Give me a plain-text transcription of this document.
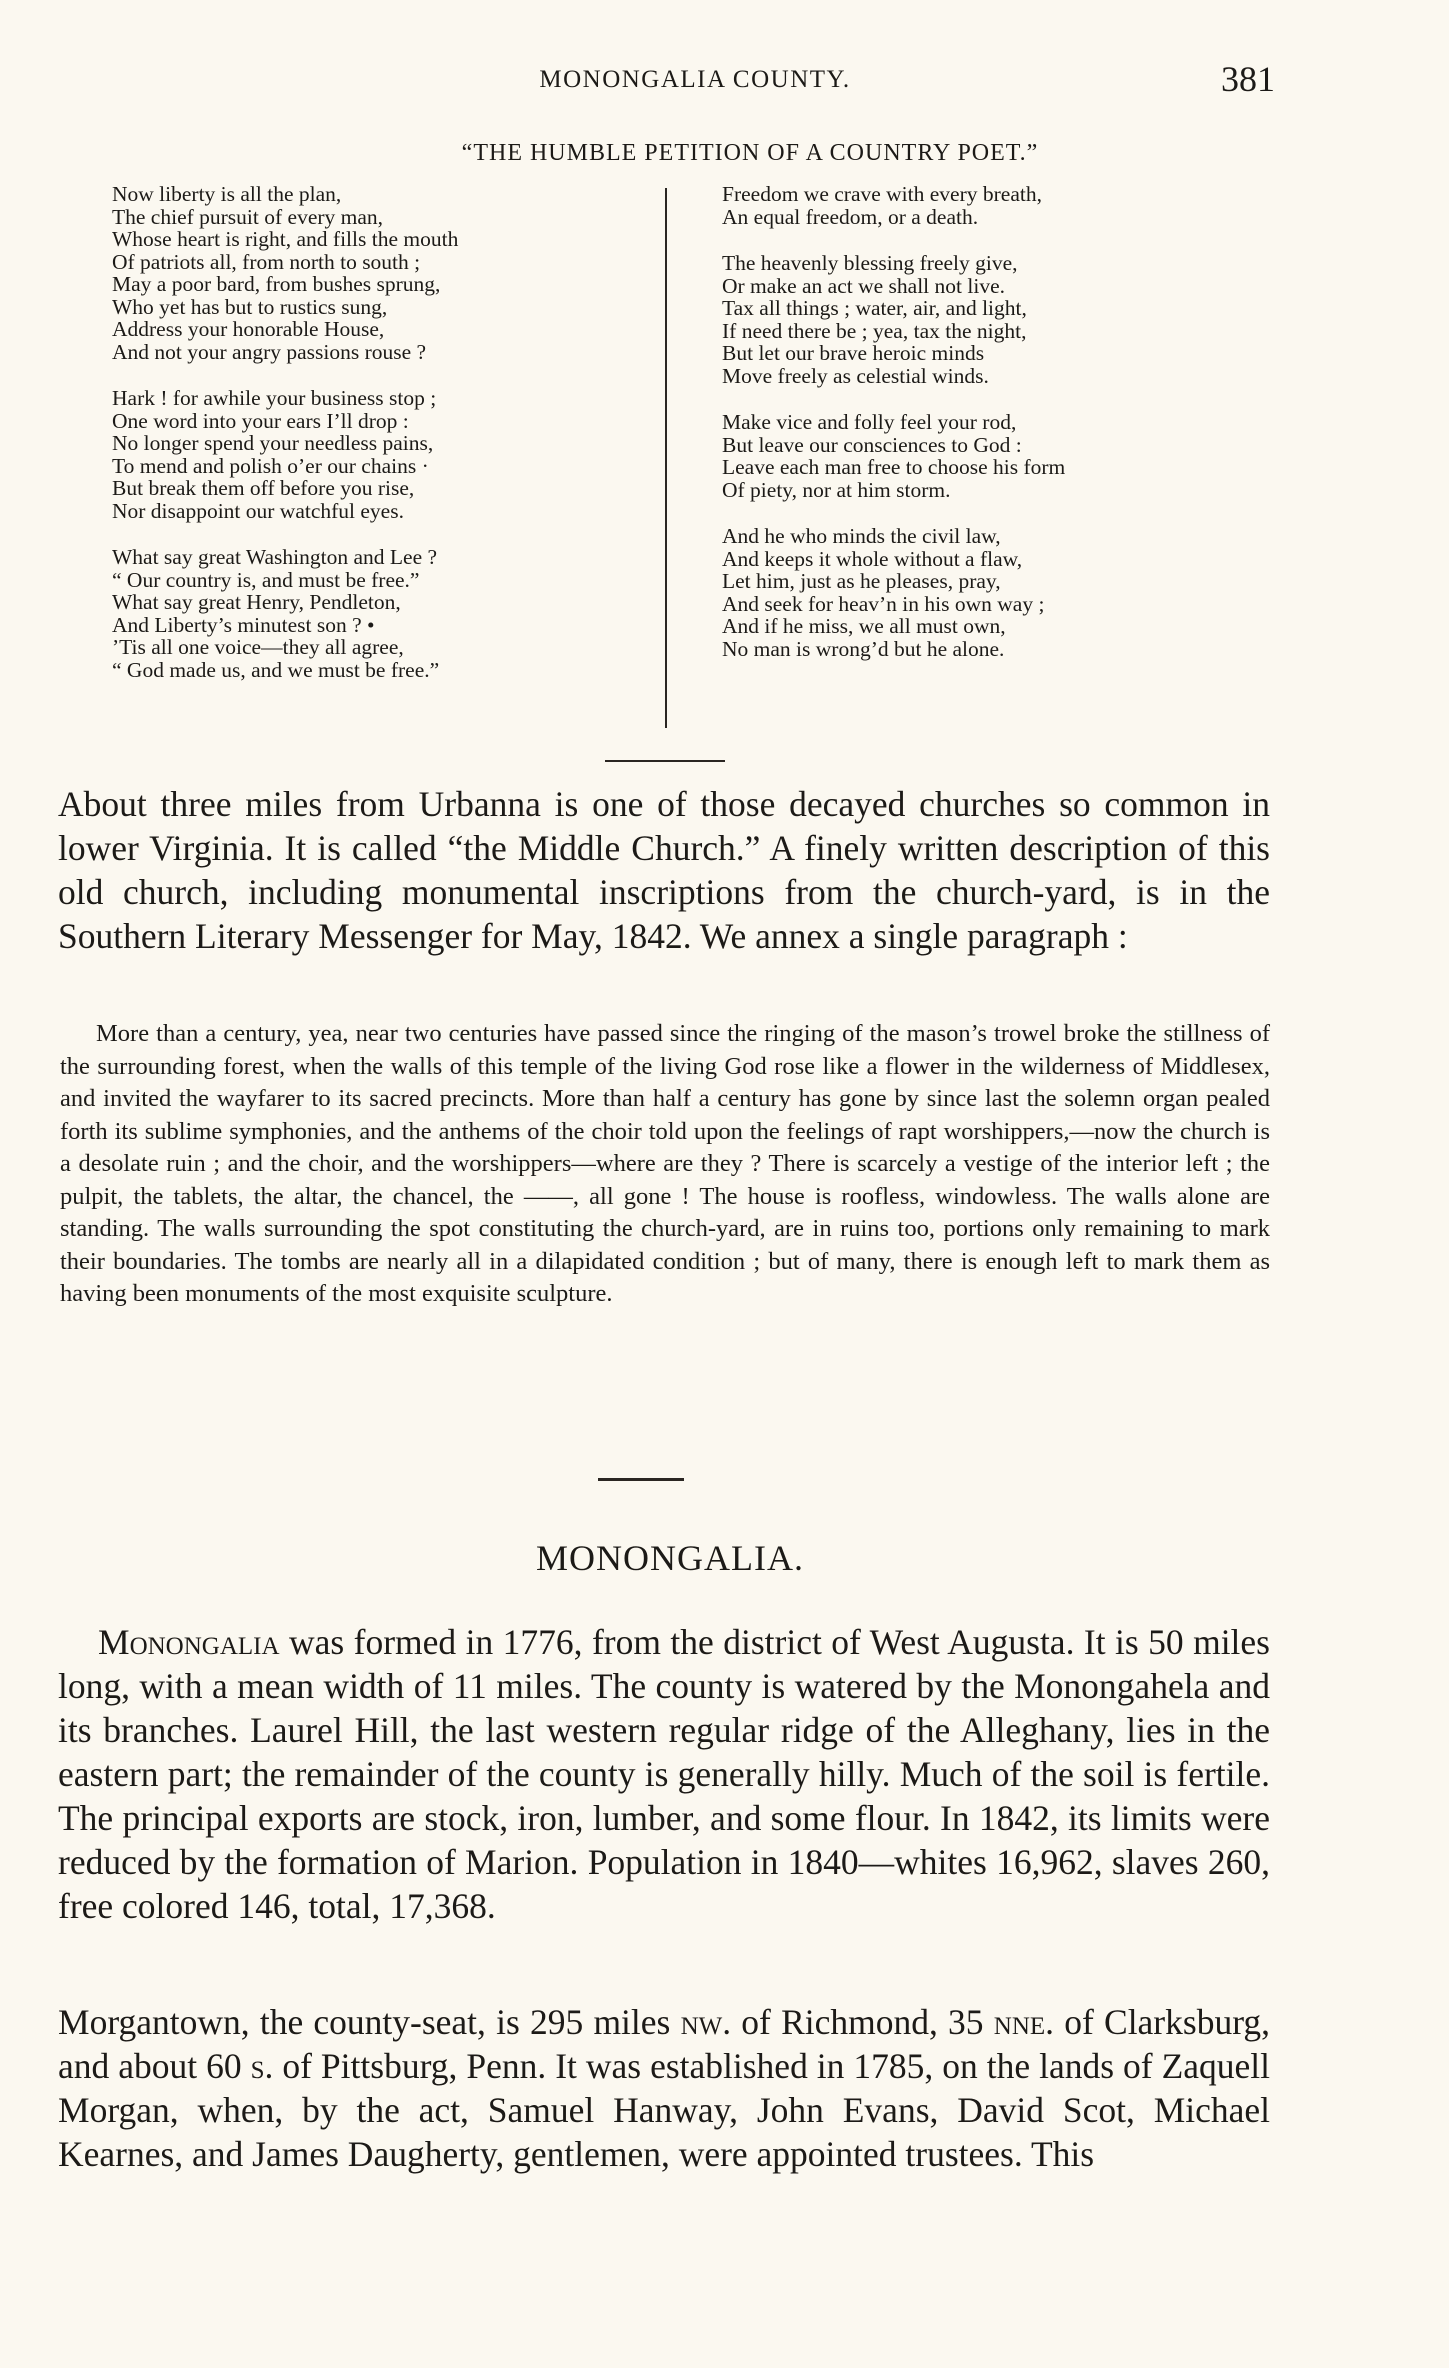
MONONGALIA COUNTY.	381
“THE HUMBLE PETITION OF A COUNTRY POET.”
Now liberty is all the plan,
The chief pursuit of every man,
Whose heart is right, and fills the mouth
Of patriots all, from north to south ;
May a poor bard, from bushes sprung,
Who yet has but to rustics sung,
Address your honorable House,
And not your angry passions rouse ?
Hark ! for awhile your business stop ;
One word into your ears I’ll drop :
No longer spend your needless pains,
To mend and polish o’er our chains ·
But break them off before you rise,
Nor disappoint our watchful eyes.
What say great Washington and Lee ?
“ Our country is, and must be free.”
What say great Henry, Pendleton,
And Liberty’s minutest son ? •
’Tis all one voice—they all agree,
“ God made us, and we must be free.”
Freedom we crave with every breath,
An equal freedom, or a death.
The heavenly blessing freely give,
Or make an act we shall not live.
Tax all things ; water, air, and light,
If need there be ; yea, tax the night,
But let our brave heroic minds
Move freely as celestial winds.
Make vice and folly feel your rod,
But leave our consciences to God :
Leave each man free to choose his form
Of piety, nor at him storm.
And he who minds the civil law,
And keeps it whole without a flaw,
Let him, just as he pleases, pray,
And seek for heav’n in his own way ;
And if he miss, we all must own,
No man is wrong’d but he alone.

About three miles from Urbanna is one of those decayed churches so common in lower Virginia. It is called “the Middle Church.” A finely written description of this old church, including monumental inscriptions from the church-yard, is in the Southern Literary Messenger for May, 1842. We annex a single paragraph :

More than a century, yea, near two centuries have passed since the ringing of the mason’s trowel broke the stillness of the surrounding forest, when the walls of this temple of the living God rose like a flower in the wilderness of Middlesex, and invited the wayfarer to its sacred precincts. More than half a century has gone by since last the solemn organ pealed forth its sublime symphonies, and the anthems of the choir told upon the feelings of rapt worshippers,—now the church is a desolate ruin ; and the choir, and the worshippers—where are they ? There is scarcely a vestige of the interior left ; the pulpit, the tablets, the altar, the chancel, the ——, all gone ! The house is roofless, windowless. The walls alone are standing. The walls surrounding the spot constituting the church-yard, are in ruins too, portions only remaining to mark their boundaries. The tombs are nearly all in a dilapidated condition ; but of many, there is enough left to mark them as having been monuments of the most exquisite sculpture.

MONONGALIA.

Monongalia was formed in 1776, from the district of West Augusta. It is 50 miles long, with a mean width of 11 miles. The county is watered by the Monongahela and its branches. Laurel Hill, the last western regular ridge of the Alleghany, lies in the eastern part; the remainder of the county is generally hilly. Much of the soil is fertile. The principal exports are stock, iron, lumber, and some flour. In 1842, its limits were reduced by the formation of Marion. Population in 1840—whites 16,962, slaves 260, free colored 146, total, 17,368.

Morgantown, the county-seat, is 295 miles nw. of Richmond, 35 nne. of Clarksburg, and about 60 s. of Pittsburg, Penn. It was established in 1785, on the lands of Zaquell Morgan, when, by the act, Samuel Hanway, John Evans, David Scot, Michael Kearnes, and James Daugherty, gentlemen, were appointed trustees. This
